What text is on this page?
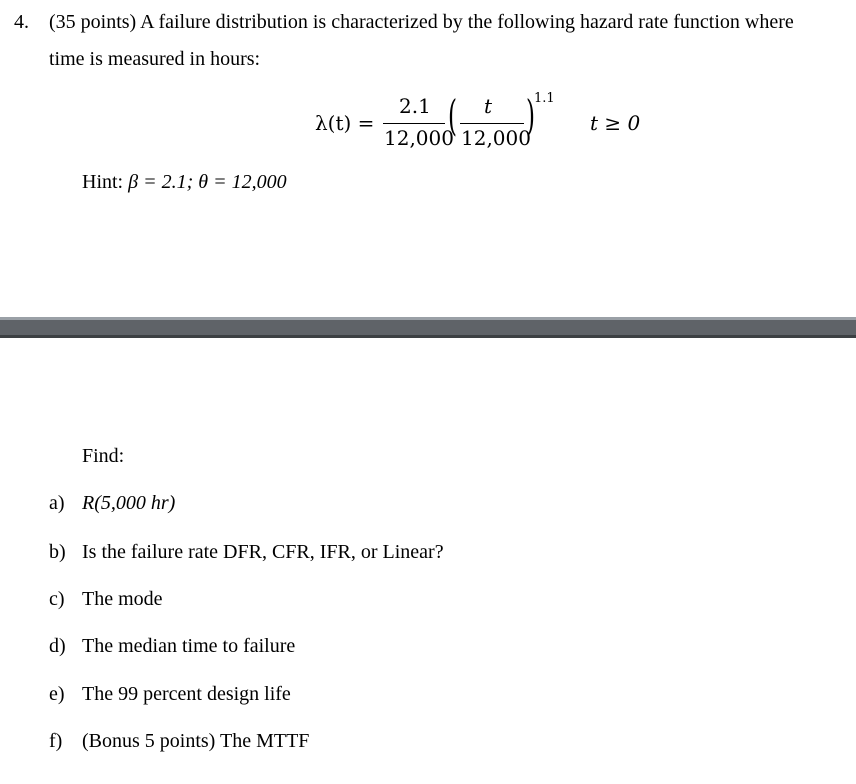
4. (35 points) A failure distribution is characterized by the following hazard rate function where
time is measured in hours:
λ(t) =
2.1
12,000
( t
12,000
)
1.1
t ≥ 0
Hint: β = 2.1; θ = 12,000
Find:
a) R(5,000 hr)
b) Is the failure rate DFR, CFR, IFR, or Linear?
c) The mode
d) The median time to failure
e) The 99 percent design life
f) (Bonus 5 points) The MTTF
